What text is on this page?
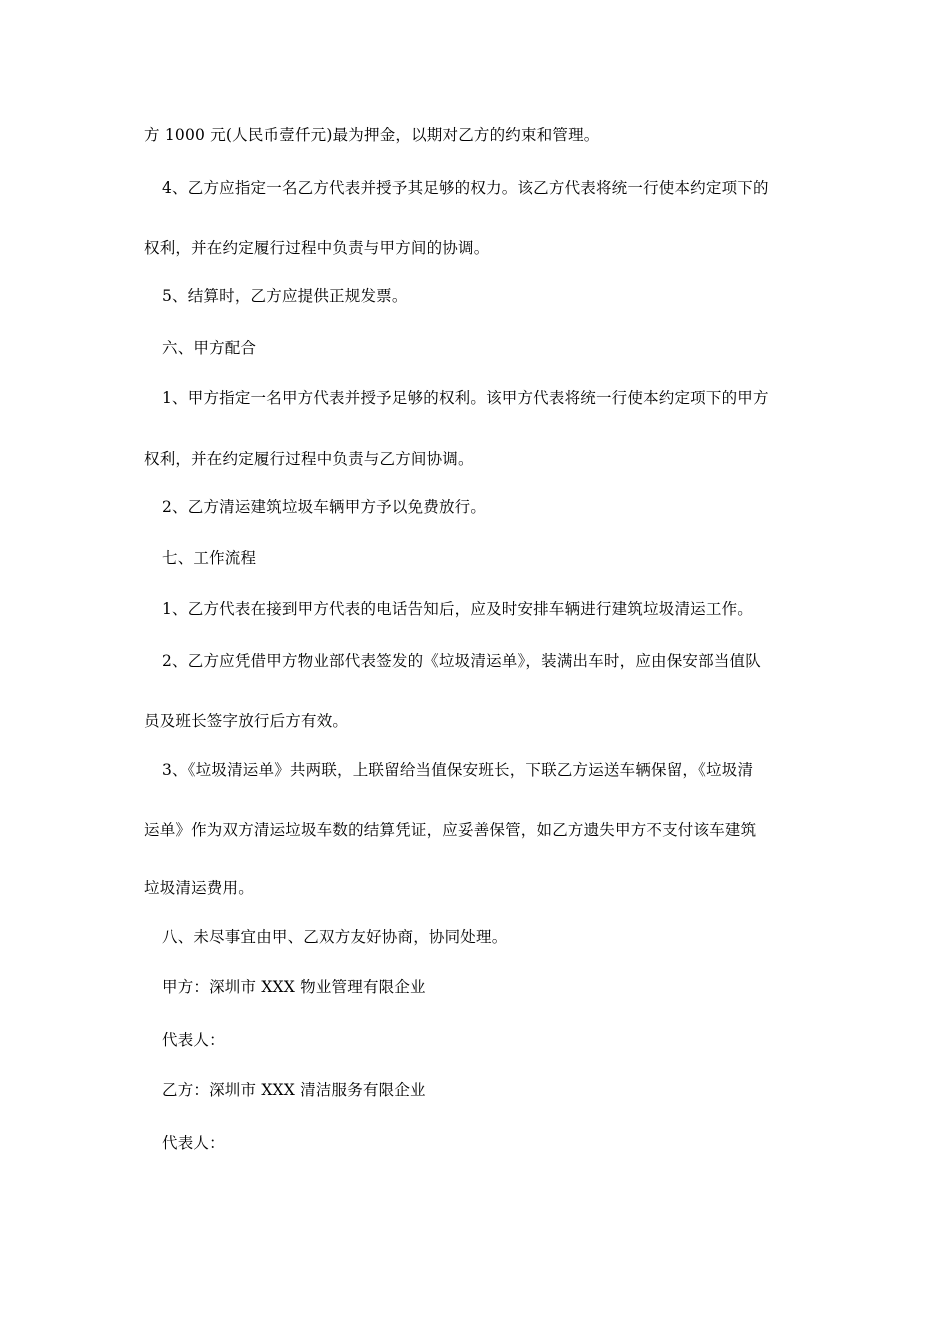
方 1000 元(人民币壹仟元)最为押金，以期对乙方的约束和管理。
4、乙方应指定一名乙方代表并授予其足够的权力。该乙方代表将统一行使本约定项下的
权利，并在约定履行过程中负责与甲方间的协调。
5、结算时，乙方应提供正规发票。
六、甲方配合
1、甲方指定一名甲方代表并授予足够的权利。该甲方代表将统一行使本约定项下的甲方
权利，并在约定履行过程中负责与乙方间协调。
2、乙方清运建筑垃圾车辆甲方予以免费放行。
七、工作流程
1、乙方代表在接到甲方代表的电话告知后，应及时安排车辆进行建筑垃圾清运工作。
2、乙方应凭借甲方物业部代表签发的《垃圾清运单》，装满出车时，应由保安部当值队
员及班长签字放行后方有效。
3、《垃圾清运单》共两联，上联留给当值保安班长，下联乙方运送车辆保留，《垃圾清
运单》作为双方清运垃圾车数的结算凭证，应妥善保管，如乙方遗失甲方不支付该车建筑
垃圾清运费用。
八、未尽事宜由甲、乙双方友好协商，协同处理。
甲方：深圳市 XXX 物业管理有限企业
代表人：
乙方：深圳市 XXX 清洁服务有限企业
代表人：
